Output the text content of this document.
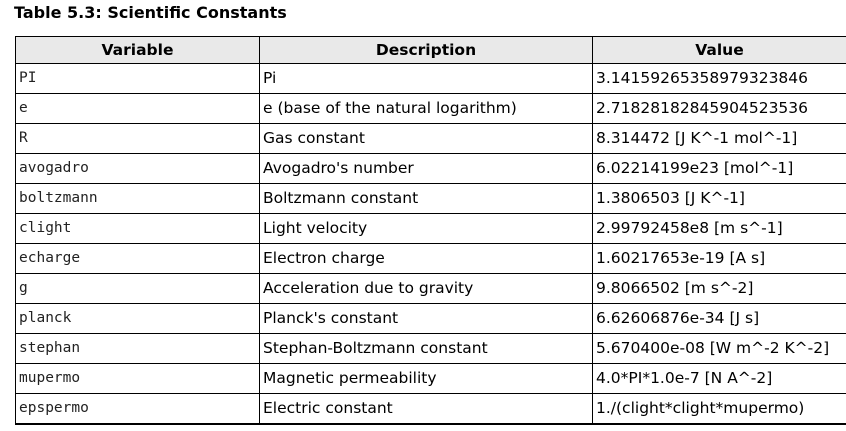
Table 5.3: Scientific Constants
Variable	Description	Value
PI	Pi	3.14159265358979323846
e	e (base of the natural logarithm)	2.71828182845904523536
R	Gas constant	8.314472 [J K^-1 mol^-1]
avogadro	Avogadro's number	6.02214199e23 [mol^-1]
boltzmann	Boltzmann constant	1.3806503 [J K^-1]
clight	Light velocity	2.99792458e8 [m s^-1]
echarge	Electron charge	1.60217653e-19 [A s]
g	Acceleration due to gravity	9.8066502 [m s^-2]
planck	Planck's constant	6.62606876e-34 [J s]
stephan	Stephan-Boltzmann constant	5.670400e-08 [W m^-2 K^-2]
mupermo	Magnetic permeability	4.0*PI*1.0e-7 [N A^-2]
epspermo	Electric constant	1./(clight*clight*mupermo)
